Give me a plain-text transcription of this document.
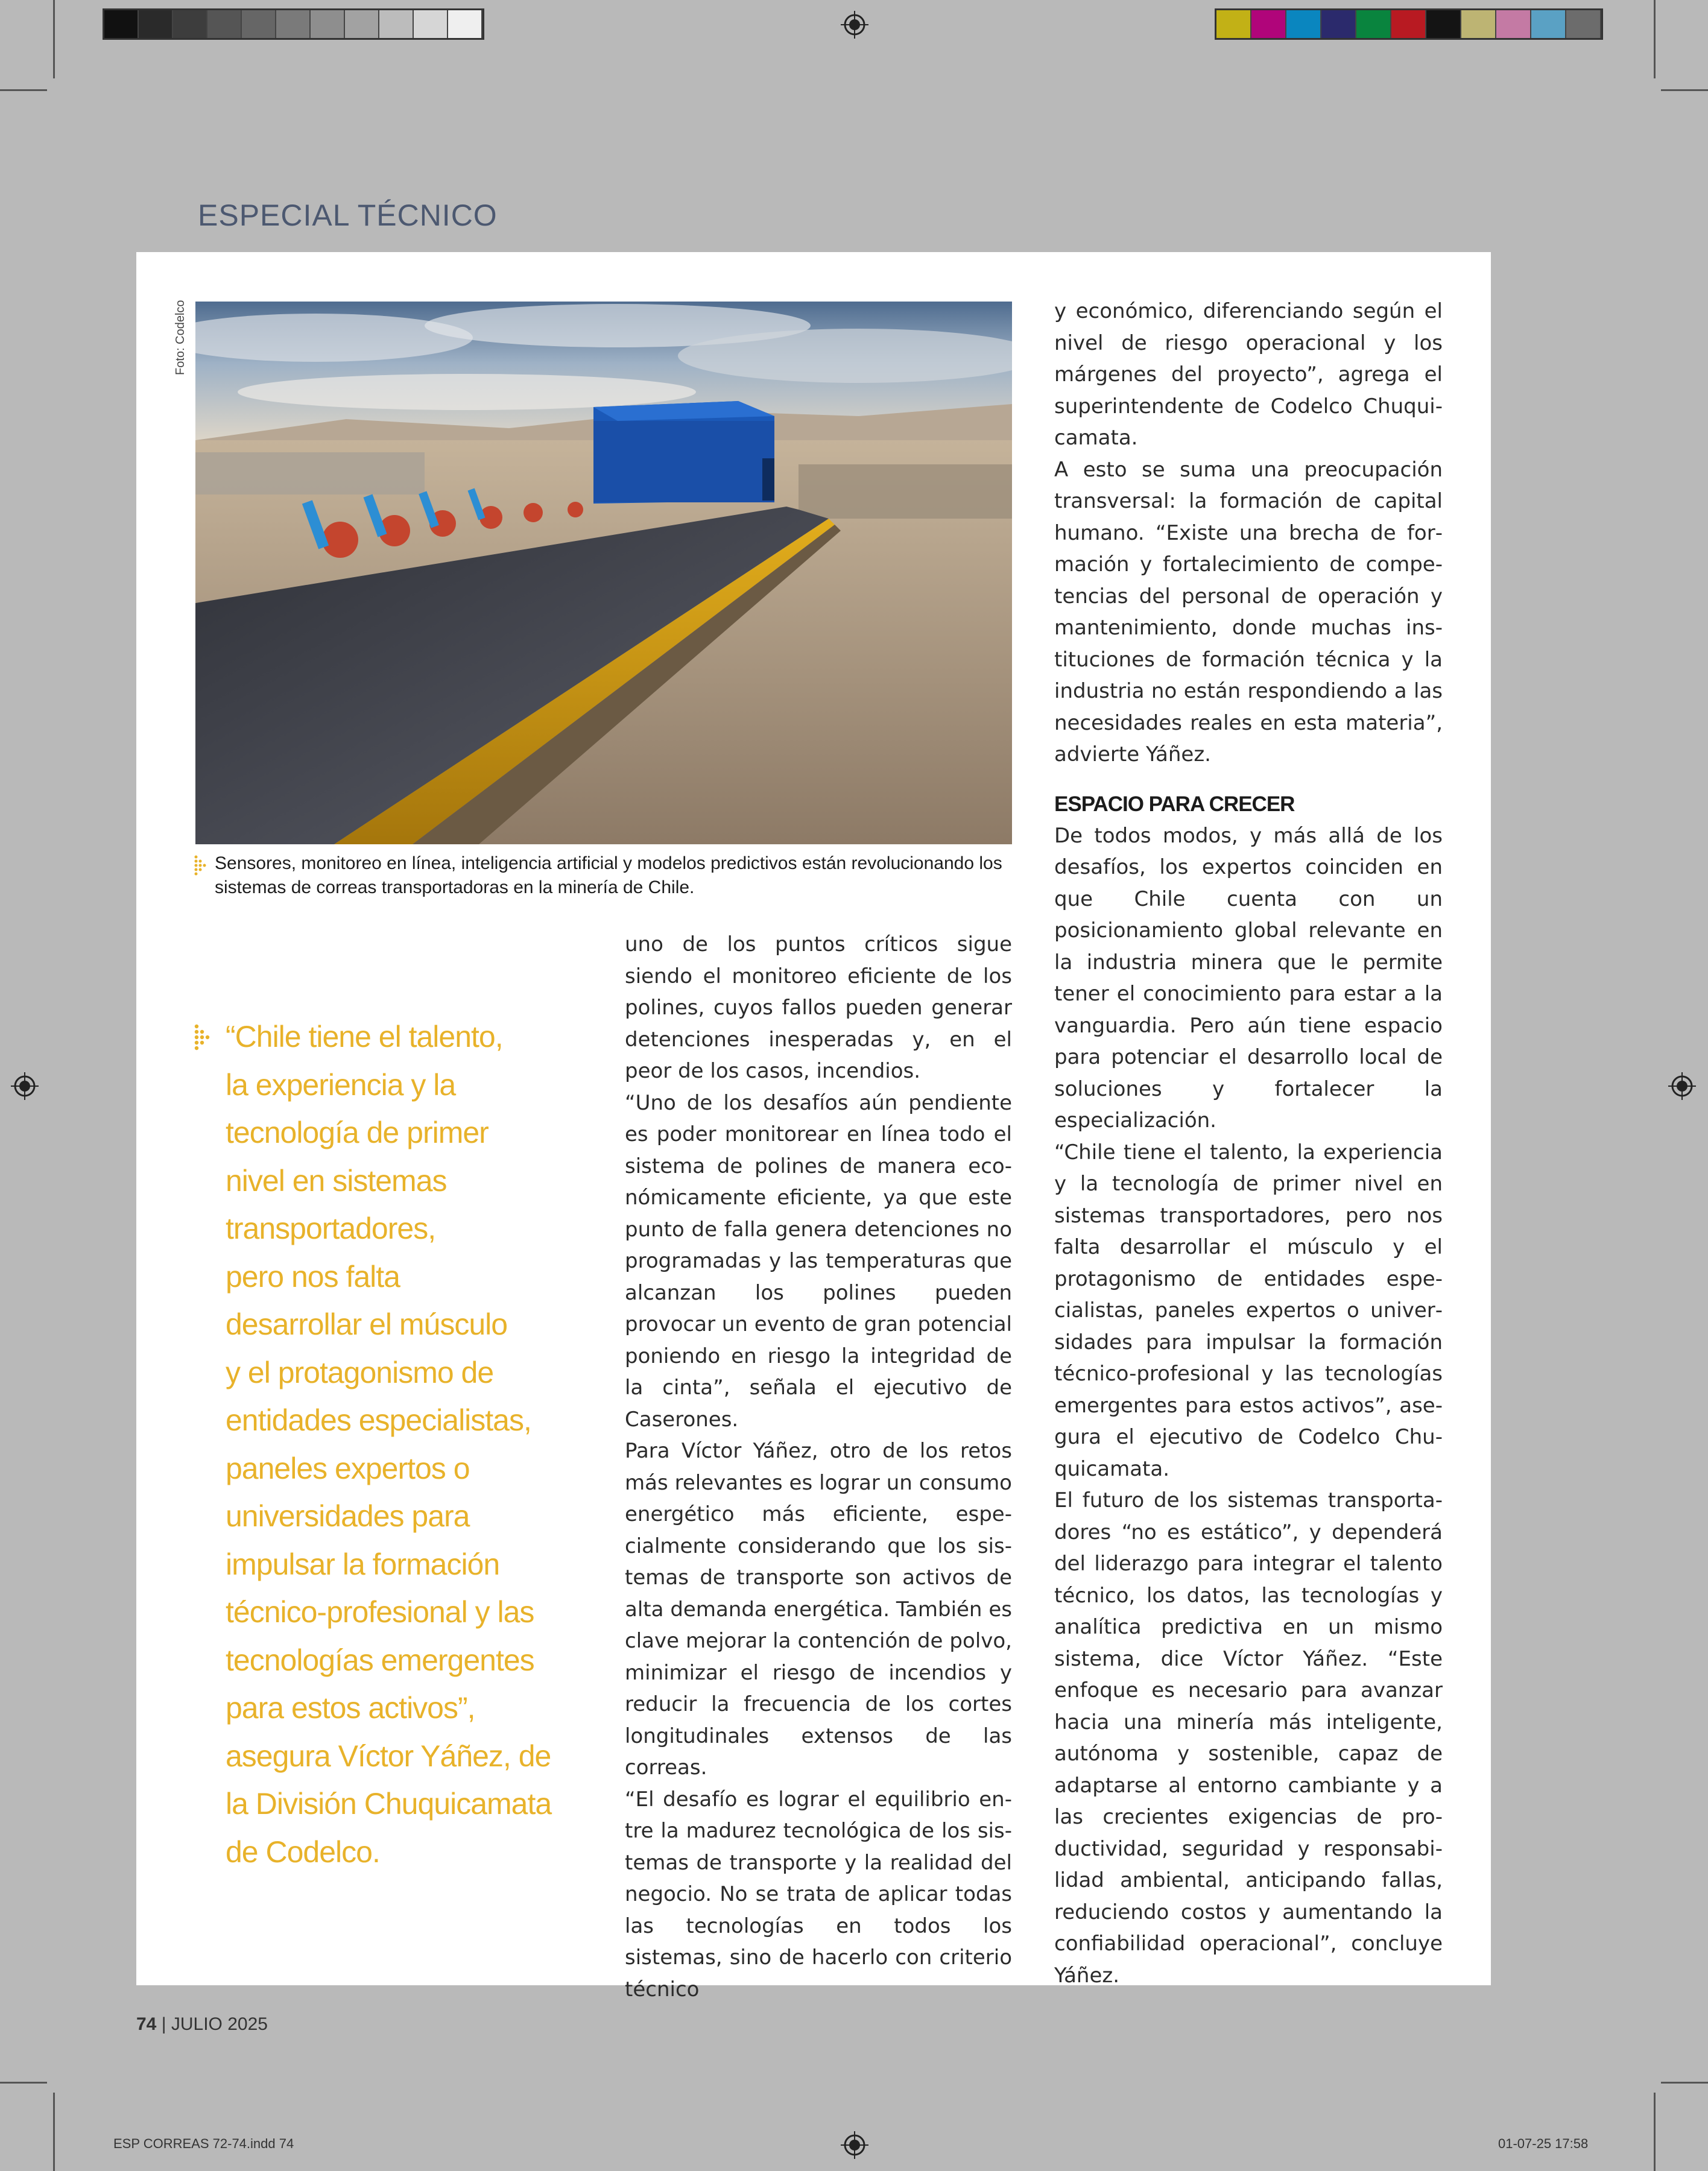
ESPECIAL TÉCNICO
Foto: Codelco
Sensores, monitoreo en línea, inteligencia artificial y modelos predictivos están revolucionando los sistemas de correas transportadoras en la minería de Chile.
“Chile tiene el talento,
la experiencia y la
tecnología de primer
nivel en sistemas
transportadores,
pero nos falta
desarrollar el músculo
y el protagonismo de
entidades especialistas,
paneles expertos o
universidades para
impulsar la formación
técnico-profesional y las
tecnologías emergentes
para estos activos”,
asegura Víctor Yáñez, de
la División Chuquicamata
de Codelco.

uno de los puntos críticos sigue siendo el monitoreo eficiente de los polines, cuyos fallos pueden generar detenciones inesperadas y, en el peor de los casos, incendios.

“Uno de los desafíos aún pendiente es poder monitorear en línea todo el sistema de polines de manera económicamente eficiente, ya que este punto de falla genera detenciones no programadas y las temperaturas que alcanzan los polines pueden provocar un evento de gran potencial poniendo en riesgo la integridad de la cinta”, señala el ejecutivo de Caserones.

Para Víctor Yáñez, otro de los retos más relevantes es lograr un consumo energético más eficiente, especialmente considerando que los sistemas de transporte son activos de alta demanda energética. También es clave mejorar la contención de polvo, minimizar el riesgo de incendios y reducir la frecuencia de los cortes longitudinales extensos de las correas.

“El desafío es lograr el equilibrio entre la madurez tecnológica de los sistemas de transporte y la realidad del negocio. No se trata de aplicar todas las tecnologías en todos los sistemas, sino de hacerlo con criterio técnico

y económico, diferenciando según el nivel de riesgo operacional y los márgenes del proyecto”, agrega el superintendente de Codelco Chuquicamata.

A esto se suma una preocupación transversal: la formación de capital humano. “Existe una brecha de formación y fortalecimiento de competencias del personal de operación y mantenimiento, donde muchas instituciones de formación técnica y la industria no están respondiendo a las necesidades reales en esta materia”, advierte Yáñez.

ESPACIO PARA CRECER

De todos modos, y más allá de los desafíos, los expertos coinciden en que Chile cuenta con un posicionamiento global relevante en la industria minera que le permite tener el conocimiento para estar a la vanguardia. Pero aún tiene espacio para potenciar el desarrollo local de soluciones y fortalecer la especialización.

“Chile tiene el talento, la experiencia y la tecnología de primer nivel en sistemas transportadores, pero nos falta desarrollar el músculo y el protagonismo de entidades especialistas, paneles expertos o universidades para impulsar la formación técnico-profesional y las tecnologías emergentes para estos activos”, asegura el ejecutivo de Codelco Chuquicamata.

El futuro de los sistemas transportadores “no es estático”, y dependerá del liderazgo para integrar el talento técnico, los datos, las tecnologías y analítica predictiva en un mismo sistema, dice Víctor Yáñez. “Este enfoque es necesario para avanzar hacia una minería más inteligente, autónoma y sostenible, capaz de adaptarse al entorno cambiante y a las crecientes exigencias de productividad, seguridad y responsabilidad ambiental, anticipando fallas, reduciendo costos y aumentando la confiabilidad operacional”, concluye Yáñez.

74 | JULIO 2025
ESP CORREAS 72-74.indd 74	01-07-25 17:58
